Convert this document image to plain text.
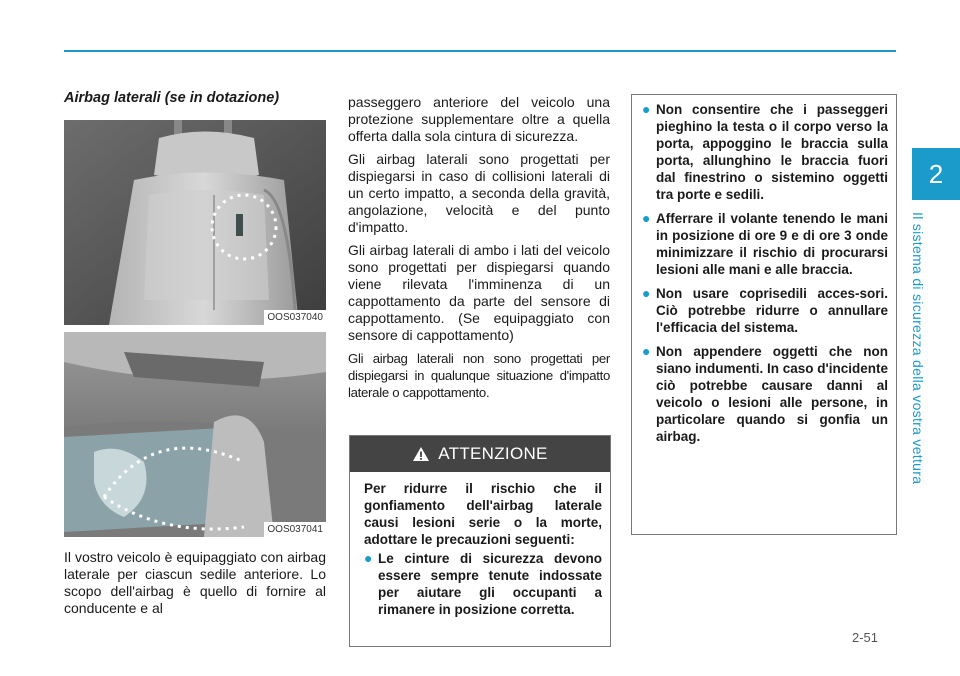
2
Il sistema di sicurezza della vostra vettura
2-51
Airbag laterali (se in dotazione)
OOS037040
OOS037041

Il vostro veicolo è equipaggiato con airbag laterale per ciascun sedile anteriore. Lo scopo dell'airbag è quello di fornire al conducente e al

passeggero anteriore del veicolo una protezione supplementare oltre a quella offerta dalla sola cintura di sicurezza.

Gli airbag laterali sono progettati per dispiegarsi in caso di collisioni laterali di un certo impatto, a seconda della gravità, angolazione, velocità e del punto d'impatto.

Gli airbag laterali di ambo i lati del veicolo sono progettati per dispiegarsi quando viene rilevata l'imminenza di un cappottamento da parte del sensore di cappottamento. (Se equipaggiato con sensore di cappottamento)

Gli airbag laterali non sono progettati per dispiegarsi in qualunque situazione d'impatto laterale o cappottamento.

ATTENZIONE

Per ridurre il rischio che il gonfiamento dell'airbag laterale causi lesioni serie o la morte, adottare le precauzioni seguenti:

● Le cinture di sicurezza devono essere sempre tenute indossate per aiutare gli occupanti a rimanere in posizione corretta.
● Non consentire che i passeggeri pieghino la testa o il corpo verso la porta, appoggino le braccia sulla porta, allunghino le braccia fuori dal finestrino o sistemino oggetti tra porte e sedili.
● Afferrare il volante tenendo le mani in posizione di ore 9 e di ore 3 onde minimizzare il rischio di procurarsi lesioni alle mani e alle braccia.
● Non usare coprisedili acces-sori. Ciò potrebbe ridurre o annullare l'efficacia del sistema.
● Non appendere oggetti che non siano indumenti. In caso d'incidente ciò potrebbe causare danni al veicolo o lesioni alle persone, in particolare quando si gonfia un airbag.
